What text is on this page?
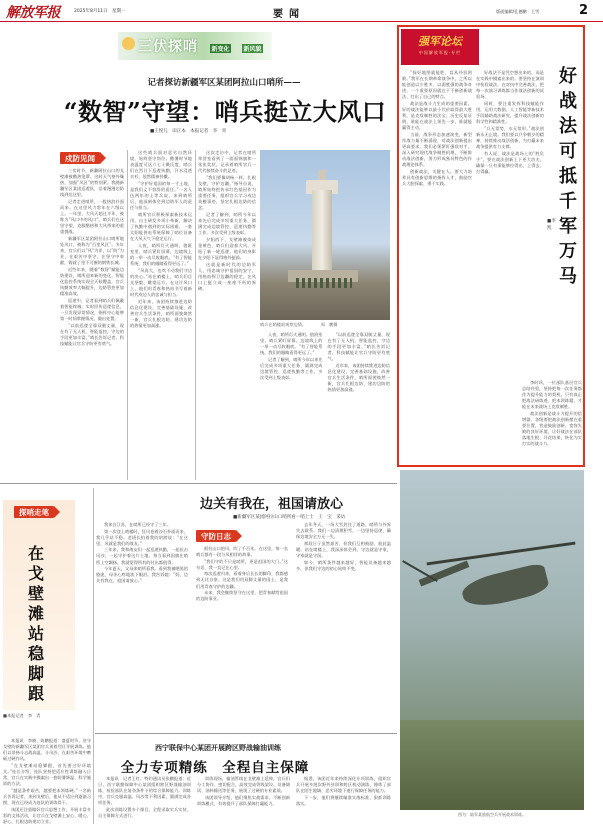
解放军报	2025年8月11日　星期一	要闻	版面编辑/孔德鹏　王雪	2
三伏探哨 新变化 新风貌
记者探访新疆军区某团阿拉山口哨所——
“数智”守望：哨兵挺立大风口
■王悦儿　田正本　本报记者　李　青
戍防见闻

三伏时节，新疆阿拉山口的戈壁滩被酷热笼罩。这时天气格外燥热，加强“风区”的特别紧。我随新疆军区某团巡逻队，沿着漫漫边防线到达这里。

记者走进哨所，一股热浪扑面而来。在这里风力常年在六级以上。一年里，大风天超过半年，被称为“风口中的风口”。哨兵们在这里守望，克服酷热和大风带来的重重挑战。

新疆军区某团阿拉山口哨所地处风口，被称为“百里风区”。多年来，官兵们以“风”为伴，以“防”为业，在艰苦中坚守，在坚守中奉献，铸就了坚不可摧的钢铁长城。

近些年来，随着“数智”赋能边防建设，哨所迎来新的变化。智能化监控系统实现全天候覆盖，官兵执勤效率大幅提升，边防管控更加精准高效。

巡逻中，记者看到哨兵们佩戴着智能终端，实时回传巡逻信息，一旦发现异常情况，指挥中心能够第一时间掌握情况、做出处置。

“以前巡逻全靠双腿丈量，现在有了无人机、智能监控，守边的手段更加丰富。”哨长告诉记者，科技赋能让官兵守防更有底气。

这些哨兵面对恶劣自然环境，始终坚守岗位。酷暑时节地表温度可达六七十摄氏度，哨兵们在烈日下巡逻执勤，汗水浸透衣衫，依然精神抖擞。

“守护好祖国的每一寸土地，是我们义不容辞的责任。”一名入伍两年的上等兵说，来到哨所后，他深刻体会到边防军人的责任与担当。

哨所官兵积极探索新技术运用，自主研发多项小革新，解决了执勤中遇到的实际困难。一套太阳能供电系统保障了哨位设备在大风天气下稳定运行。

入夜，哨所灯火通明。值班室里，哨兵紧盯屏幕，边境线上的一举一动尽收眼底。“有了智能系统，我们的眼睛看得更远了。”

“风再大，也吹不动我们守边的决心。”站在哨楼上，哨兵们目光坚毅，眺望远方。在这片风口上，他们用青春和热血书写着新时代戍边人的忠诚与担当。

近年来，该团持续推进边防信息化建设，完善基础设施，改善官兵生活条件，哨所面貌焕然一新，官兵扎根边防、建功边防的热情更加高涨。

这次走访中，记者在哨所荣誉室看到了一面面锦旗和一张张奖状，记录着哨所官兵一代代接续奋斗的足迹。

“我们要像胡杨一样，扎根戈壁，守护边疆。”指导员说，哨所始终把传承红色基因作为重要任务，组织官兵学习戍边英模事迹，坚定扎根边防的信念。

记者了解到，哨所今年以来先后完成多项重大任务，圆满完成边境管控、巡逻执勤等工作，多次受到上级表彰。

夕阳西下，戈壁滩被染成金黄色，哨兵们迎着大风，开始了新一轮巡逻。他们的身影在夕阳下显得格外挺拔。

这就是新时代的边防军人，用忠诚守护祖国的安宁，用热血捍卫边疆的稳定，在风口上挺立成一座座不朽的界碑。

哨兵在哨楼前观察边情。　　　　周　鹏摄

入夜，哨所灯火通明。值班室里，哨兵紧盯屏幕，边境线上的一举一动尽收眼底。“有了智能系统，我们的眼睛看得更远了。”

记者了解到，哨所今年以来先后完成多项重大任务，圆满完成边境管控、巡逻执勤等工作，多次受到上级表彰。

“以前巡逻全靠双腿丈量，现在有了无人机、智能监控，守边的手段更加丰富。”哨长告诉记者，科技赋能让官兵守防更有底气。

近年来，该团持续推进边防信息化建设，完善基础设施，改善官兵生活条件，哨所面貌焕然一新，官兵扎根边防、建功边防的热情更加高涨。

强军论坛
中国解放军报·专栏
好战法可抵千军万马
■李　凯

“探好地图就能胜，盲从经验则败。”我军在长期革命战争中，之所以能创造以少胜多、以弱胜强的战争奇迹，一个重要原因就在于不断创新战法、打出了自己的特点。

战法是战斗力生成的重要因素。好的战法能够以最小代价取得最大胜利，是克敌制胜的法宝。历史反复证明，谁能在战法上领先一步，谁就能赢得主动。

当前，战争形态加速演变，新型作战力量不断涌现，对战法创新提出更高要求。我们必须紧盯强敌对手，深入研究现代战争制胜机理，不断推动战法创新，努力形成独具特色的作战理论体系。

创新战法，关键在人。要大力培养具有创新思维的指挥人才，鼓励官兵大胆探索、勇于实践。

好战法不是凭空想出来的，而是在实践中摸索出来的。要坚持在演训中检验战法，在对抗中完善战法，把每一次演习训练都当作战法创新的试验场。

同时，要注重发挥科技赋能作用，运用大数据、人工智能等新技术手段辅助战法研究，提升战法创新的科学性和精准性。

“兵无常势，水无常形。”战法创新永无止境。我们要以只争朝夕的精神，持续推动战法创新，为打赢未来战争提供有力支撑。

有人说，战法是战场上的“胜负手”。要在战法创新上下更大功夫，确保一旦有事能够拉得出、上得去、打得赢。

李时珍，一位部队基层官兵总结经验，坚持把每一次任务都作为提升能力的契机。只有真正把战法研练透、把本领练精，才能在未来战场上克敌制胜。

战法创新是战斗力提升的倍增器。各级要把战法创新摆在重要位置，营造鼓励创新、宽容失败的良好环境，让好战法在部队落地生根、开花结果，转化为实打实的战斗力。

图为：陆军某旅航空兵开展战术训练。
边关有我在，祖国请放心
■新疆军区某团阿拉山口哨所看一哨上士　王　宝　采访
守防日志

我来自江苏，在哨所已经守了三年。

第一次登上哨楼时，狂风卷着沙石扑面而来，我几乎站不稳。老班长拍着我的肩膀说：“在这里，风就是我们的战友。”

三年来，我和战友们一起巡逻执勤，一起抗击风沙，一起守护着这片土地。每当看到国旗在哨所上空飘扬，我就觉得所有的付出都值得。

今年夏天，父母来哨所看我。看到我被晒黑的脸庞，母亲心疼地流下眼泪。我告诉她：“妈，边关有我在，祖国请放心。”

阿拉山口的风，吹了千百年。在这里，每一名哨兵都有一段与风相伴的故事。

“我们守的不只是哨所，更是祖国的大门。”这句话，我一直记在心里。

每次巡逻归来，看着身后长长的脚印，我都感到无比自豪。这是我们用双脚丈量的国土，是我们用青春守护的边疆。

未来，我会继续坚守在这里，把青春献给祖国的边防事业。

去年冬天，一场大雪封住了道路，哨所与外界失去联系。我们一边清理积雪，一边坚持巡逻，确保边境安全万无一失。

那段日子虽然艰苦，但我们互相鼓励、彼此温暖。站在哨楼上，我深深体会到，守边就是守家，守家就是守国。

如今，哨所条件越来越好，智能设备越来越多，但我们守边的初心始终不变。

探哨走笔
在戈壁滩站稳脚跟

■本报记者　李　青

本报讯　李晓、陈鹏报道：盛夏时节，驻守戈壁的新疆军区某团官兵顶着烈日开展训练。他们以昂扬斗志战高温、斗风沙，在艰苦环境中磨砺过硬作风。

“在戈壁滩站稳脚跟，首先要过好环境关。”连长介绍，连队坚持把适应性训练融入日常，官兵在实践中摸索出一套防暑降温、科学施训的方法。

“越是条件艰苦，越要把本领练硬。”一名新兵告诉记者，来到戈壁后，他从不适应到逐渐习惯，现在已经成为连队的训练骨干。

该团还注重做好官兵思想工作，开展丰富多彩的文体活动，让官兵在戈壁滩上安心、暖心、舒心，扎根边防建功立业。

西宁联保中心某团开展跨区野战输油训练
全力专项精练　全程自主保障

本报讯　记者王红、特约通讯员张鹏报道：近日，西宁联勤保障中心某团组织跨区野战输油训练，检验部队在复杂条件下的综合保障能力。训练中，官兵克服高温、风沙等不利因素，圆满完成各项任务。

此次训练设置多个课目，全程采取实兵实装、自主保障方式进行。

训练现场，输油管线在戈壁滩上延伸，官兵们分工协作、密切配合，高效完成管线架设、设备调试、油料输送等任务，展现了过硬的专业素质。

该团领导介绍，他们聚焦实战需求，不断创新训练模式，有效提升了部队保障打赢能力。

据悉，该团近年来持续深化专项训练，组织官兵开展多批次野外驻训和跨区机动演练，锤炼了部队在陌生地域、恶劣环境下遂行保障任务的能力。

下一步，他们将继续瞄准实战标准，狠抓训练落实。
